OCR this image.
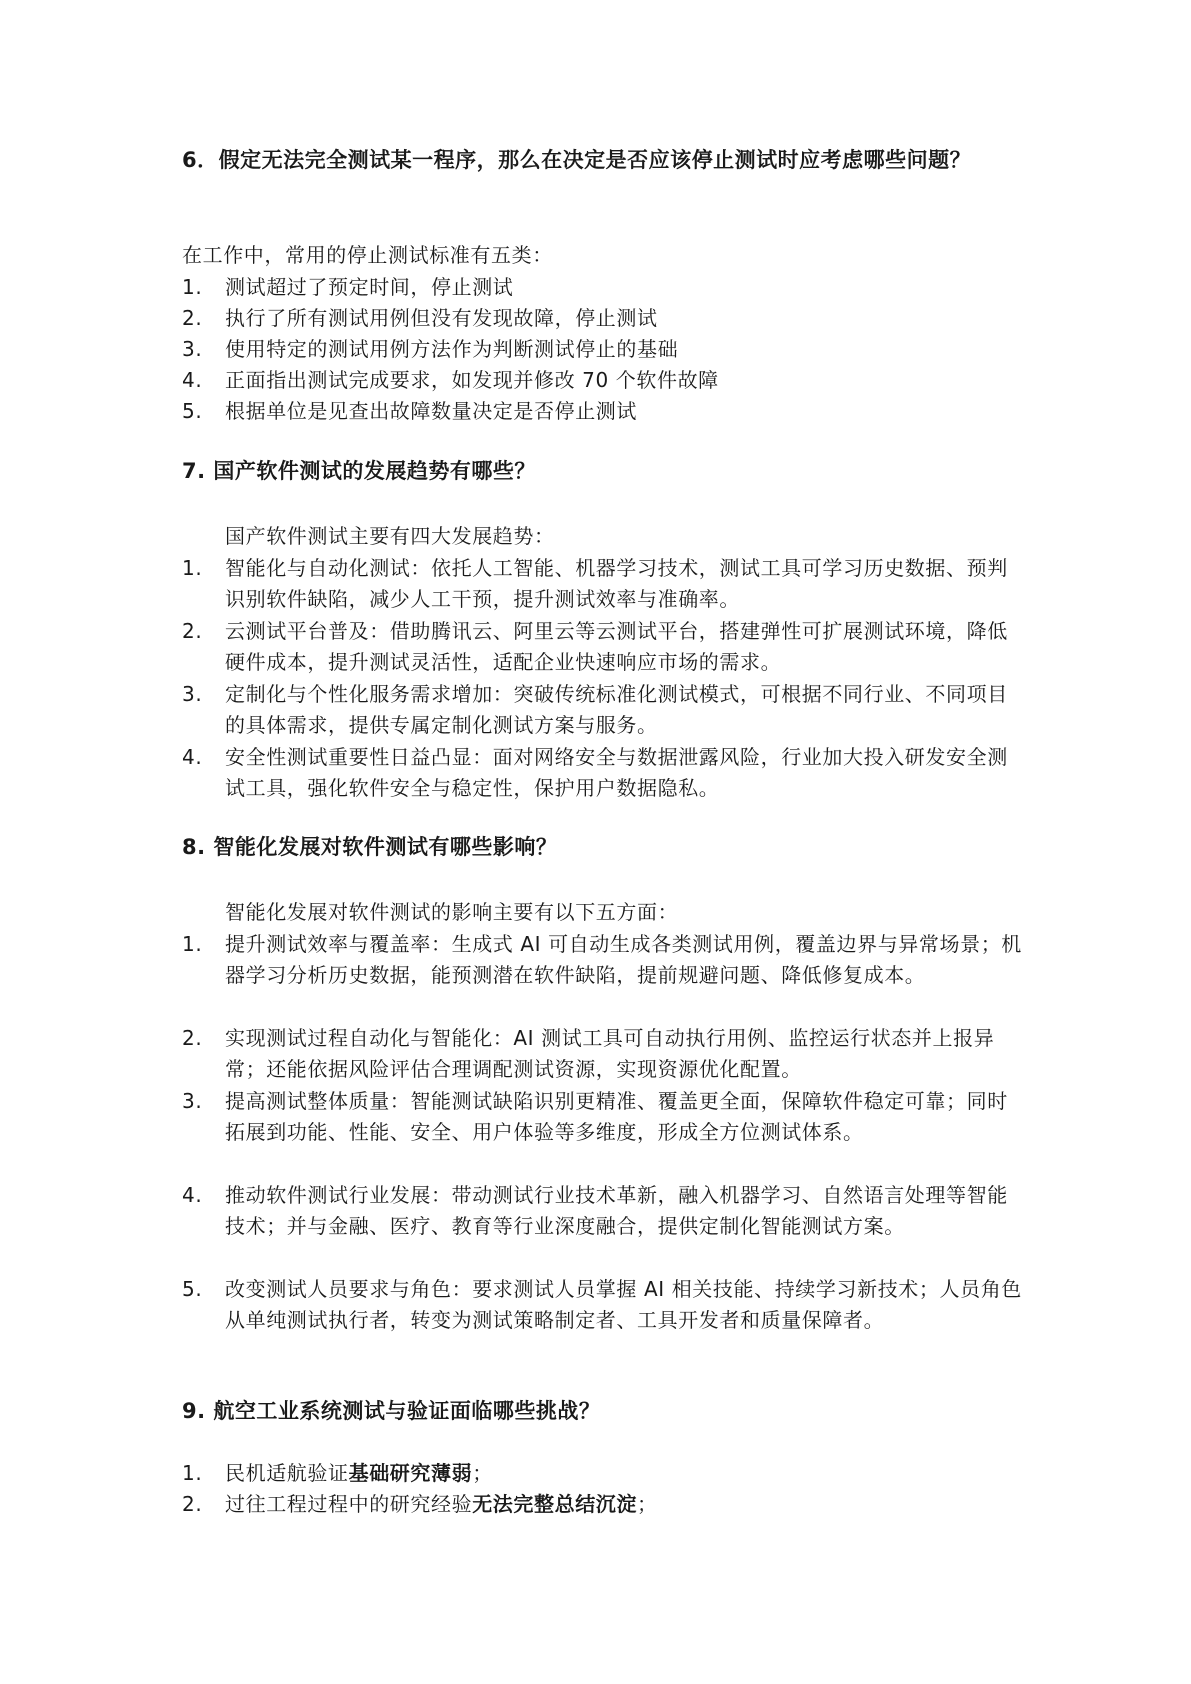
6．假定无法完全测试某一程序，那么在决定是否应该停止测试时应考虑哪些问题？
在工作中，常用的停止测试标准有五类：
1.	测试超过了预定时间，停止测试
2.	执行了所有测试用例但没有发现故障，停止测试
3.	使用特定的测试用例方法作为判断测试停止的基础
4.	正面指出测试完成要求，如发现并修改 70 个软件故障
5.	根据单位是见查出故障数量决定是否停止测试
7. 国产软件测试的发展趋势有哪些？
国产软件测试主要有四大发展趋势：
1.	智能化与自动化测试：依托人工智能、机器学习技术，测试工具可学习历史数据、预判识别软件缺陷，减少人工干预，提升测试效率与准确率。
2.	云测试平台普及：借助腾讯云、阿里云等云测试平台，搭建弹性可扩展测试环境，降低硬件成本，提升测试灵活性，适配企业快速响应市场的需求。
3.	定制化与个性化服务需求增加：突破传统标准化测试模式，可根据不同行业、不同项目的具体需求，提供专属定制化测试方案与服务。
4.	安全性测试重要性日益凸显：面对网络安全与数据泄露风险，行业加大投入研发安全测试工具，强化软件安全与稳定性，保护用户数据隐私。
8. 智能化发展对软件测试有哪些影响？
智能化发展对软件测试的影响主要有以下五方面：
1.	提升测试效率与覆盖率：生成式 AI 可自动生成各类测试用例，覆盖边界与异常场景；机器学习分析历史数据，能预测潜在软件缺陷，提前规避问题、降低修复成本。
2.	实现测试过程自动化与智能化：AI 测试工具可自动执行用例、监控运行状态并上报异常；还能依据风险评估合理调配测试资源，实现资源优化配置。
3.	提高测试整体质量：智能测试缺陷识别更精准、覆盖更全面，保障软件稳定可靠；同时拓展到功能、性能、安全、用户体验等多维度，形成全方位测试体系。
4.	推动软件测试行业发展：带动测试行业技术革新，融入机器学习、自然语言处理等智能技术；并与金融、医疗、教育等行业深度融合，提供定制化智能测试方案。
5.	改变测试人员要求与角色：要求测试人员掌握 AI 相关技能、持续学习新技术；人员角色从单纯测试执行者，转变为测试策略制定者、工具开发者和质量保障者。
9. 航空工业系统测试与验证面临哪些挑战？
1.	民机适航验证基础研究薄弱；
2.	过往工程过程中的研究经验无法完整总结沉淀；
